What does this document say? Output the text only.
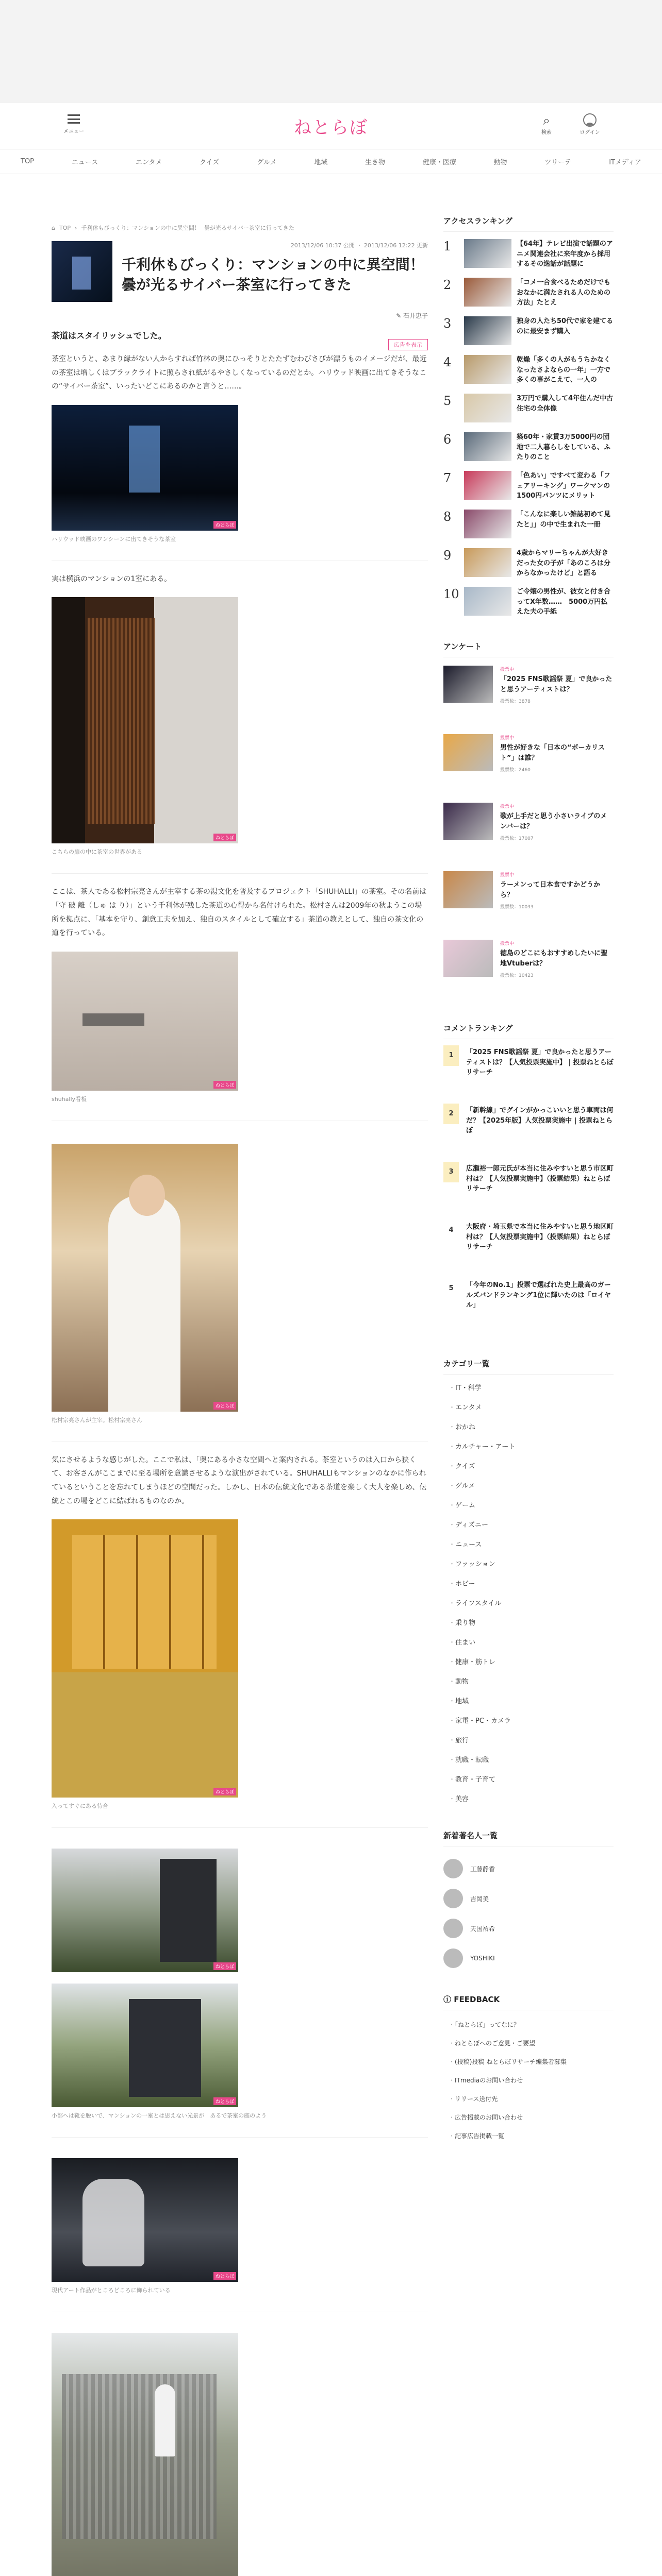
メニュー	ねとらぼ	⌕
検索	ログイン
TOP	ニュース	エンタメ	クイズ	グルメ	地域	生き物	健康・医療	動物	ツリーテ	ITメディア
⌂ TOP › 千利休もびっくり：マンションの中に異空間！ 曇が光るサイバー茶室に行ってきた
2013/12/06 10:37 公開 ・ 2013/12/06 12:22 更新
千利休もびっくり：マンションの中に異空間！曇が光るサイバー茶室に行ってきた
✎ 石井恵子
茶道はスタイリッシュでした。
広告を表示

茶室というと、あまり縁がない人からすれば竹林の奥にひっそりとたたずむわびさびが漂うものイメージだが、最近の茶室は増しくはブラックライトに照らされ紙がるやさしくなっているのだとか。ハリウッド映画に出てきそうなこの“サイバー茶室”、いったいどこにあるのかと言うと……。

ねとらぼ
ハリウッド映画のワンシーンに出てきそうな茶室

実は横浜のマンションの1室にある。

ねとらぼ
こちらの扉の中に茶室の世界がある

ここは、茶人である松村宗亮さんが主宰する茶の湯文化を普及するプロジェクト「SHUHALLI」の茶室。その名前は「守 破 離（しゅ は り）」という千利休が残した茶道の心得から名付けられた。松村さんは2009年の秋ようこの場所を拠点に、「基本を守り、創意工夫を加え、独自のスタイルとして確立する」茶道の教えとして、独自の茶文化の道を行っている。

ねとらぼ
shuhally看板
ねとらぼ
松村宗亮さんが主宰。松村宗亮さん

気にさせるような感じがした。ここで私は、「奥にある小さな空間へと案内される。茶室というのは入口から狭くて、お客さんがここまでに至る場所を意識させるような演出がされている。SHUHALLIもマンションのなかに作られているということを忘れてしまうほどの空間だった。しかし、日本の伝統文化である茶道を楽しく大人を楽しめ、伝統とこの場をどこに結ばれるものなのか。

ねとらぼ
入ってすぐにある待合
ねとらぼ
ねとらぼ
小部へは靴を脱いで、マンションの一室とは思えない光景が　あるで茶室の庭のよう
ねとらぼ
現代アート作品がところどころに飾られている
アクセスランキング
1	【64年】テレビ出演で話題のアニメ関連会社に来年度から採用するその逸話が話題に
2	「コメ一合食べるためだけでもおなかに満たされる人のための方法」たとえ
3	独身の人たち50代で家を建てるのに最安まず購入
4	乾燥「多くの人がもうちかなくなったさよならの一年」一方で多くの事がこえて、一人の
5	3万円で購入して4年住んだ中古住宅の全体像
6	築60年・家賃3万5000円の団地で二人暮らしをしている、ふたりのこと
7	「色あい」ですべて変わる「フェアリーキング」ワークマンの1500円パンツにメリット
8	「こんなに楽しい雑誌初めて見たと」」の中で生まれた一冊
9	4歳からマリーちゃんが大好きだった女の子が「あのころは分からなかったけど」と語る
10	ご令嬢の男性が、彼女と付き合ってX年数……　5000万円払えた夫の手紙
アンケート
投票中
「2025 FNS歌謡祭 夏」で良かったと思うアーティストは？
投票数：3878
投票中
男性が好きな「日本の“ボーカリスト”」は誰？
投票数：2460
投票中
歌が上手だと思う小さいライブのメンバーは？
投票数：17007
投票中
ラーメンって日本食ですかどうか ら？
投票数：10033
投票中
徳島のどこにもおすすめしたいに聖地Vtuberは？
投票数：10423
コメントランキング
1	「2025 FNS歌謡祭 夏」で良かったと思うアーティストは？【人気投票実施中】 | 投票ねとらぼリサーチ
2	「新幹線」でグインがかっこいいと思う車両は何だ？【2025年版】人気投票実施中 | 投票ねとらぼ
3	広瀬裕一郎元氏が本当に住みやすいと思う市区町村は？【人気投票実施中】（投票結果）ねとらぼリサーチ
4	大阪府・埼玉県で本当に住みやすいと思う地区町村は？【人気投票実施中】（投票結果）ねとらぼリサーチ
5	「今年のNo.1」投票で選ばれた史上最高のガールズバンドランキング1位に輝いたのは「ロイヤル」
カテゴリ一覧
・ IT・科学
・ エンタメ
・ おかね
・ カルチャー・アート
・ クイズ
・ グルメ
・ ゲーム
・ ディズニー
・ ニュース
・ ファッション
・ ホビー
・ ライフスタイル
・ 乗り物
・ 住まい
・ 健康・筋トレ
・ 動物
・ 地域
・ 家電・PC・カメラ
・ 旅行
・ 就職・転職
・ 教育・子育て
・ 美容
新着著名人一覧
工藤静香
吉岡美
天国祐希
YOSHIKI
ⓘ FEEDBACK
・ 「ねとらぼ」ってなに？
・ ねとらぼへのご意見・ご要望
・ (投稿)投稿 ねとらぼリサーチ編集者募集
・ ITmediaのお問い合わせ
・ リリース送付先
・ 広告掲載のお問い合わせ
・ 記事広告掲載一覧
